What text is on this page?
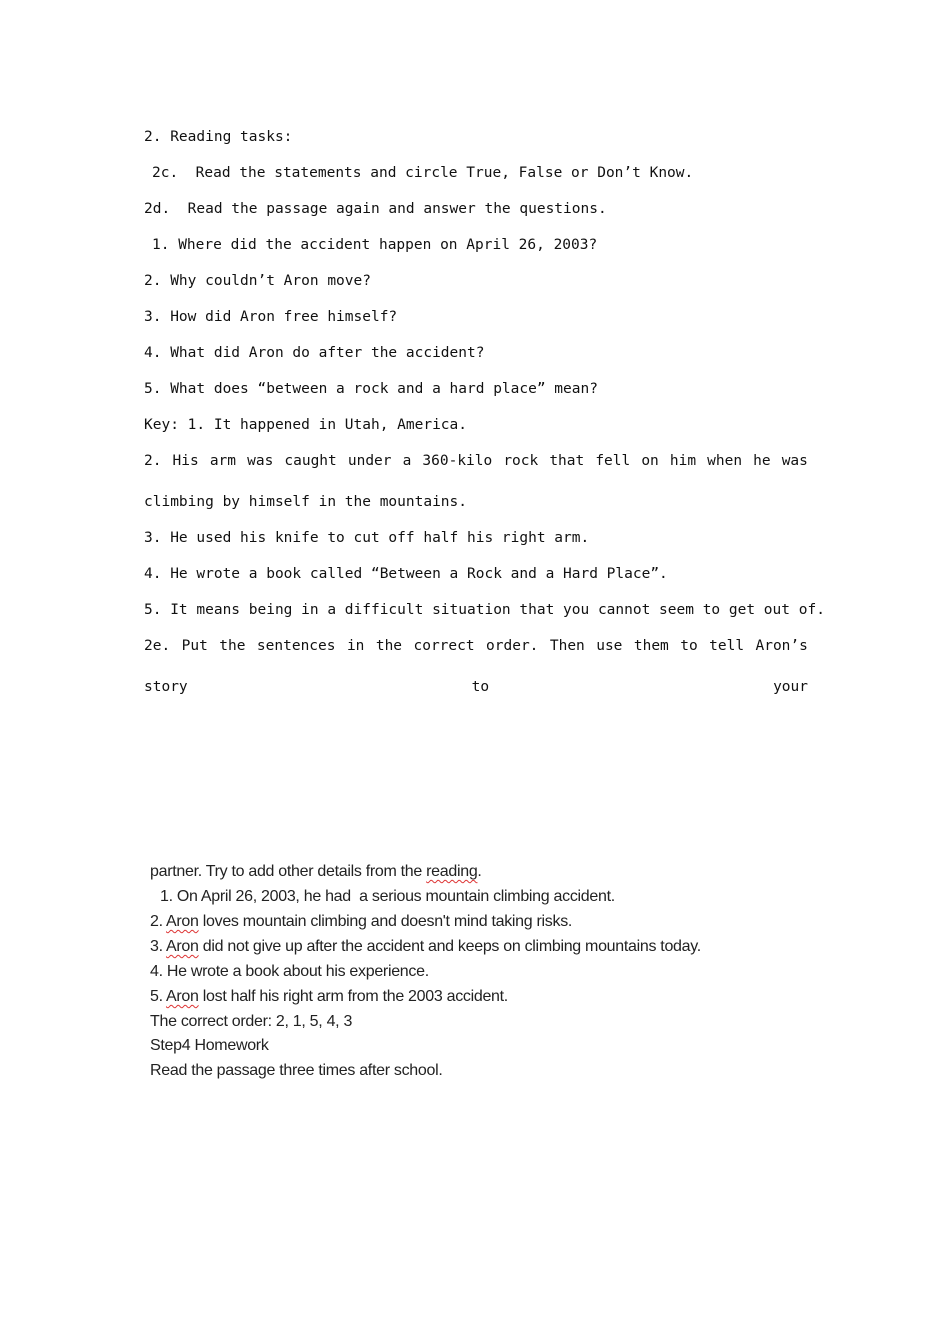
2. Reading tasks:
2c.  Read the statements and circle True, False or Don’t Know.
2d.  Read the passage again and answer the questions.
1. Where did the accident happen on April 26, 2003?
2. Why couldn’t Aron move?
3. How did Aron free himself?
4. What did Aron do after the accident?
5. What does “between a rock and a hard place” mean?
Key: 1. It happened in Utah, America.
2. His arm was caught under a 360-kilo rock that fell on him when he was
climbing by himself in the mountains.
3. He used his knife to cut off half his right arm.
4. He wrote a book called “Between a Rock and a Hard Place”.
5. It means being in a difficult situation that you cannot seem to get out of.
2e. Put the sentences in the correct order. Then use them to tell Aron’s
story	to	your
partner. Try to add other details from the reading.
1. On April 26, 2003, he had  a serious mountain climbing accident.
2. Aron loves mountain climbing and doesn't mind taking risks.
3. Aron did not give up after the accident and keeps on climbing mountains today.
4. He wrote a book about his experience.
5. Aron lost half his right arm from the 2003 accident.
The correct order: 2, 1, 5, 4, 3
Step4 Homework
Read the passage three times after school.
